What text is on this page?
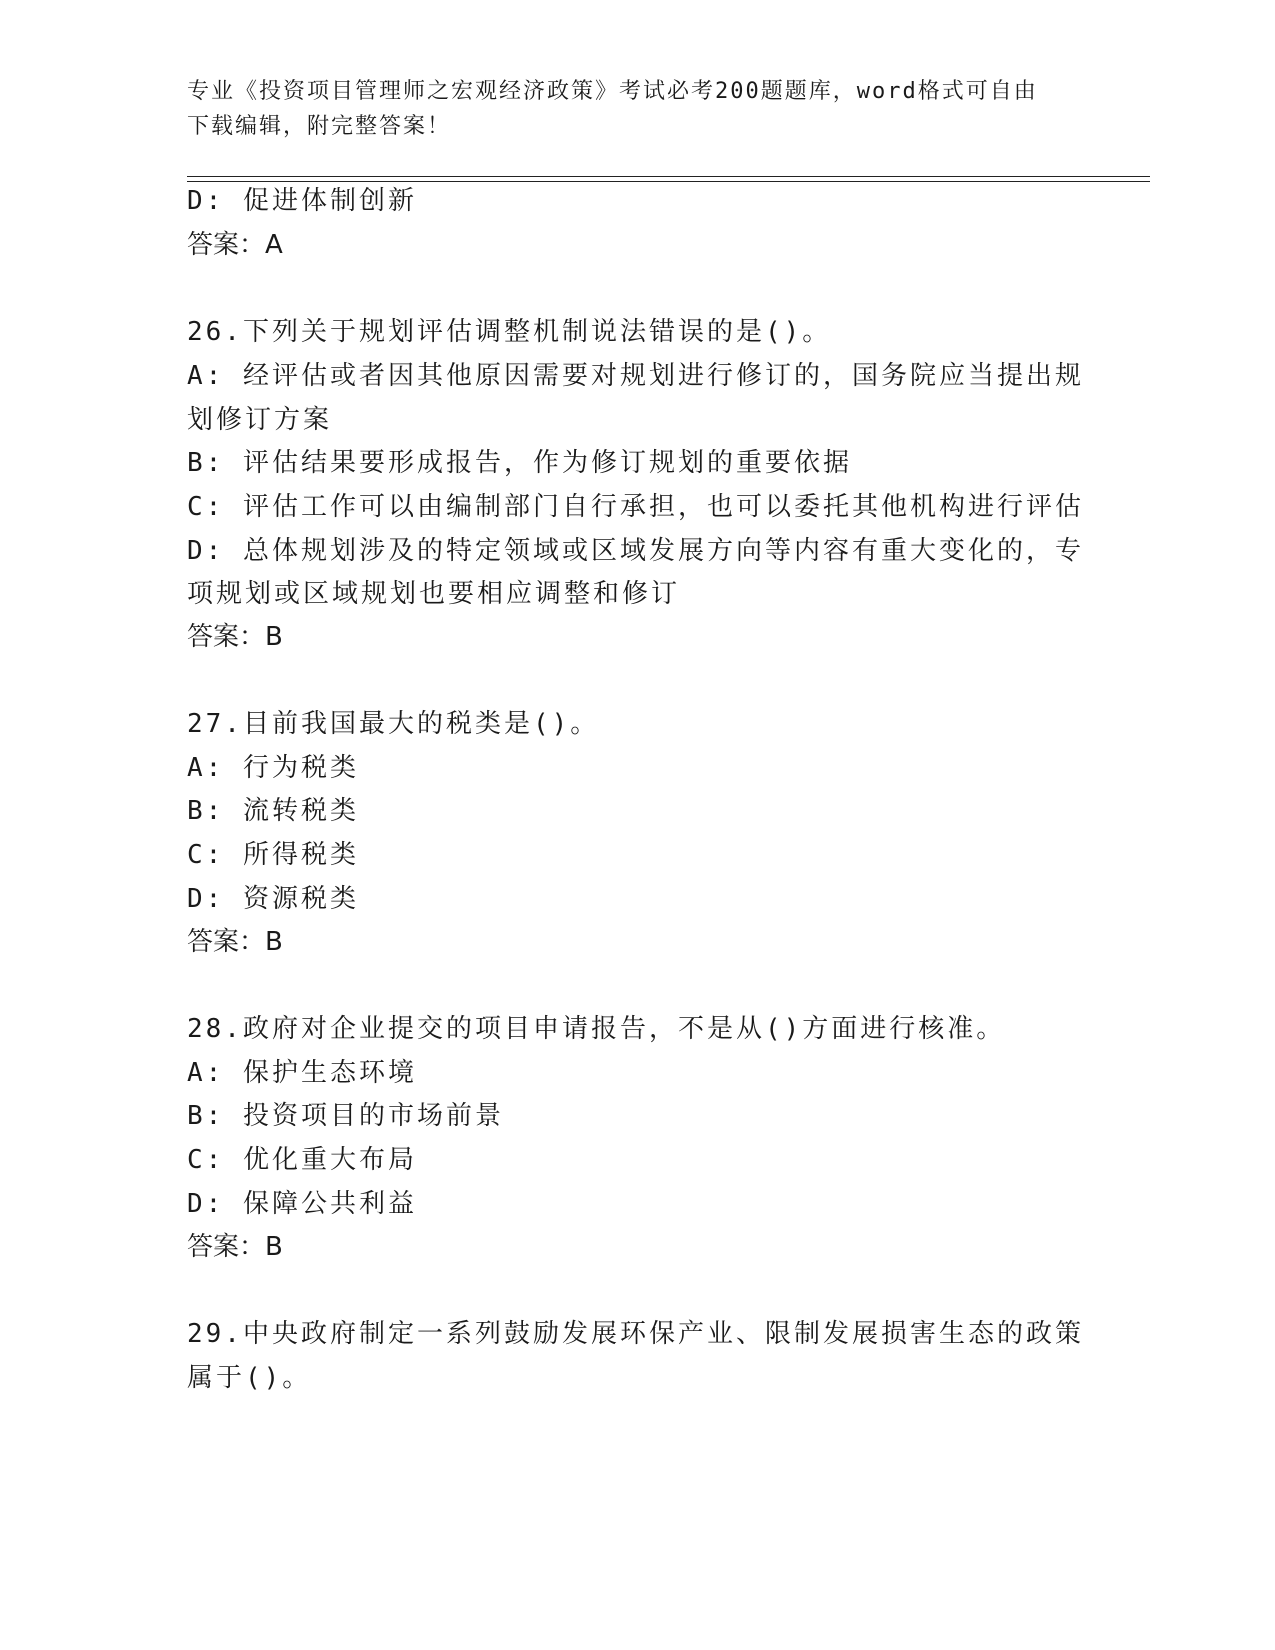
专业《投资项目管理师之宏观经济政策》考试必考200题题库，word格式可自由
下载编辑，附完整答案！

D: 促进体制创新

答案：A

26.下列关于规划评估调整机制说法错误的是()。

A: 经评估或者因其他原因需要对规划进行修订的，国务院应当提出规

划修订方案

B: 评估结果要形成报告，作为修订规划的重要依据

C: 评估工作可以由编制部门自行承担，也可以委托其他机构进行评估

D: 总体规划涉及的特定领域或区域发展方向等内容有重大变化的，专

项规划或区域规划也要相应调整和修订

答案：B

27.目前我国最大的税类是()。

A: 行为税类

B: 流转税类

C: 所得税类

D: 资源税类

答案：B

28.政府对企业提交的项目申请报告，不是从()方面进行核准。

A: 保护生态环境

B: 投资项目的市场前景

C: 优化重大布局

D: 保障公共利益

答案：B

29.中央政府制定一系列鼓励发展环保产业、限制发展损害生态的政策

属于()。
